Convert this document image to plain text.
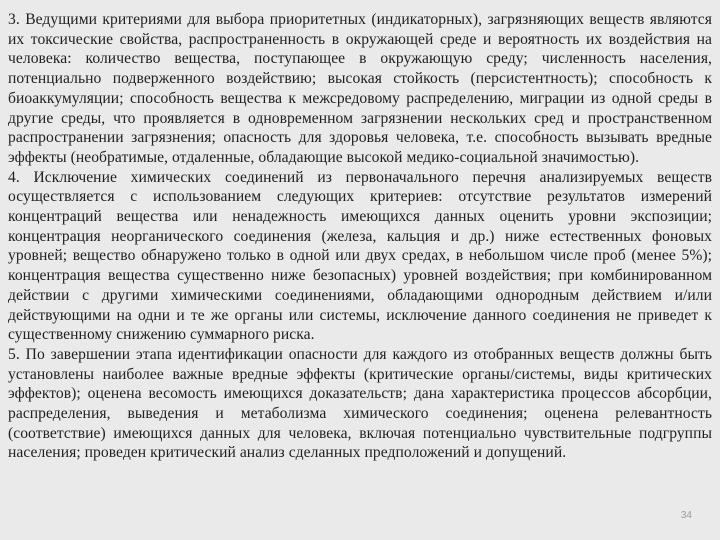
3. Ведущими критериями для выбора приоритетных (индикаторных), загрязняющих веществ являются их токсические свойства, распространенность в окружающей среде и вероятность их воздействия на человека: количество вещества, поступающее в окружающую среду; численность населения, потенциально подверженного воздействию; высокая стойкость (персистентность); способность к биоаккумуляции; способность вещества к межсредовому распределению, миграции из одной среды в другие среды, что проявляется в одновременном загрязнении нескольких сред и пространственном распространении загрязнения; опасность для здоровья человека, т.е. способность вызывать вредные эффекты (необратимые, отдаленные, обладающие высокой медико-социальной значимостью).

4. Исключение химических соединений из первоначального перечня анализируемых веществ осуществляется с использованием следующих критериев: отсутствие результатов измерений концентраций вещества или ненадежность имеющихся данных оценить уровни экспозиции; концентрация неорганического соединения (железа, кальция и др.) ниже естественных фоновых уровней; вещество обнаружено только в одной или двух средах, в небольшом числе проб (менее 5%); концентрация вещества существенно ниже безопасных) уровней воздействия; при комбинированном действии с другими химическими соединениями, обладающими однородным действием и/или действующими на одни и те же органы или системы, исключение данного соединения не приведет к существенному снижению суммарного риска.

5. По завершении этапа идентификации опасности для каждого из отобранных веществ должны быть установлены наиболее важные вредные эффекты (критические органы/системы, виды критических эффектов); оценена весомость имеющихся доказательств; дана характеристика процессов абсорбции, распределения, выведения и метаболизма химического соединения; оценена релевантность (соответствие) имеющихся данных для человека, включая потенциально чувствительные подгруппы населения; проведен критический анализ сделанных предположений и допущений.

34
